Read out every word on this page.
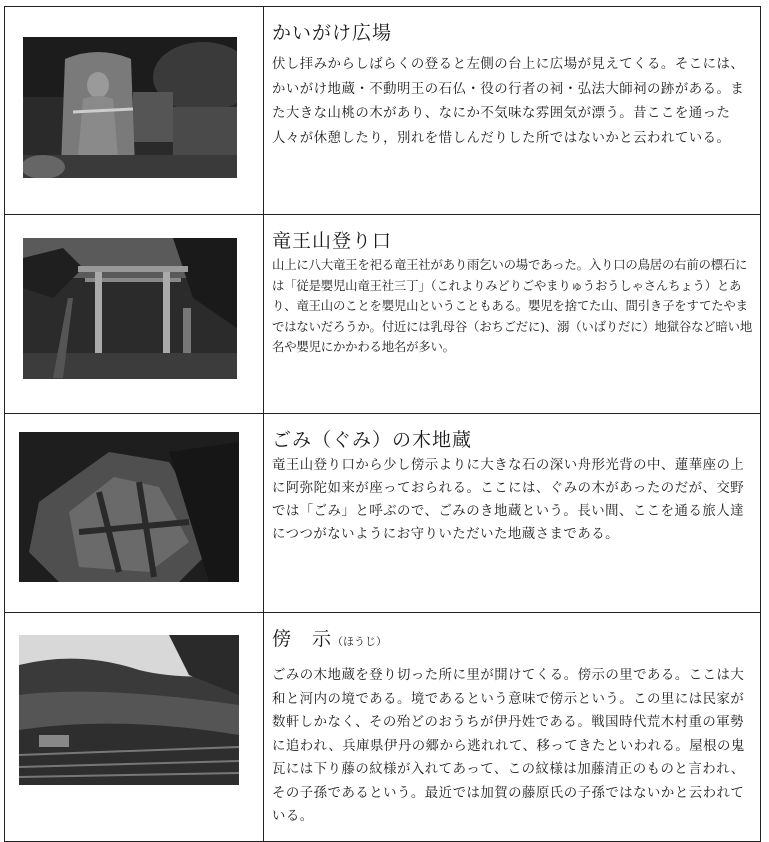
かいがけ広場

伏し拝みからしばらくの登ると左側の台上に広場が見えてくる。そこには、かいがけ地蔵・不動明王の石仏・役の行者の祠・弘法大師祠の跡がある。また大きな山桃の木があり、なにか不気味な雰囲気が漂う。昔ここを通った人々が休憩したり，別れを惜しんだりした所ではないかと云われている。

竜王山登り口

山上に八大竜王を祀る竜王社があり雨乞いの場であった。入り口の鳥居の右前の標石には「従是嬰児山竜王社三丁」（これよりみどりごやまりゅうおうしゃさんちょう）とあり、竜王山のことを嬰児山ということもある。嬰児を捨てた山、間引き子をすてたやまではないだろうか。付近には乳母谷（おちごだに)、溺（いばりだに）地獄谷など暗い地名や嬰児にかかわる地名が多い。

ごみ（ぐみ）の木地蔵

竜王山登り口から少し傍示よりに大きな石の深い舟形光背の中、蓮華座の上に阿弥陀如来が座っておられる。ここには、ぐみの木があったのだが、交野では「ごみ」と呼ぶので、ごみのき地蔵という。長い間、ここを通る旅人達につつがないようにお守りいただいた地蔵さまである。

傍　示（ほうじ）

ごみの木地蔵を登り切った所に里が開けてくる。傍示の里である。ここは大和と河内の境である。境であるという意味で傍示という。この里には民家が数軒しかなく、その殆どのおうちが伊丹姓である。戦国時代荒木村重の軍勢に追われ、兵庫県伊丹の郷から逃れれて、移ってきたといわれる。屋根の鬼瓦には下り藤の紋様が入れてあって、この紋様は加藤清正のものと言われ、その子孫であるという。最近では加賀の藤原氏の子孫ではないかと云われている。
